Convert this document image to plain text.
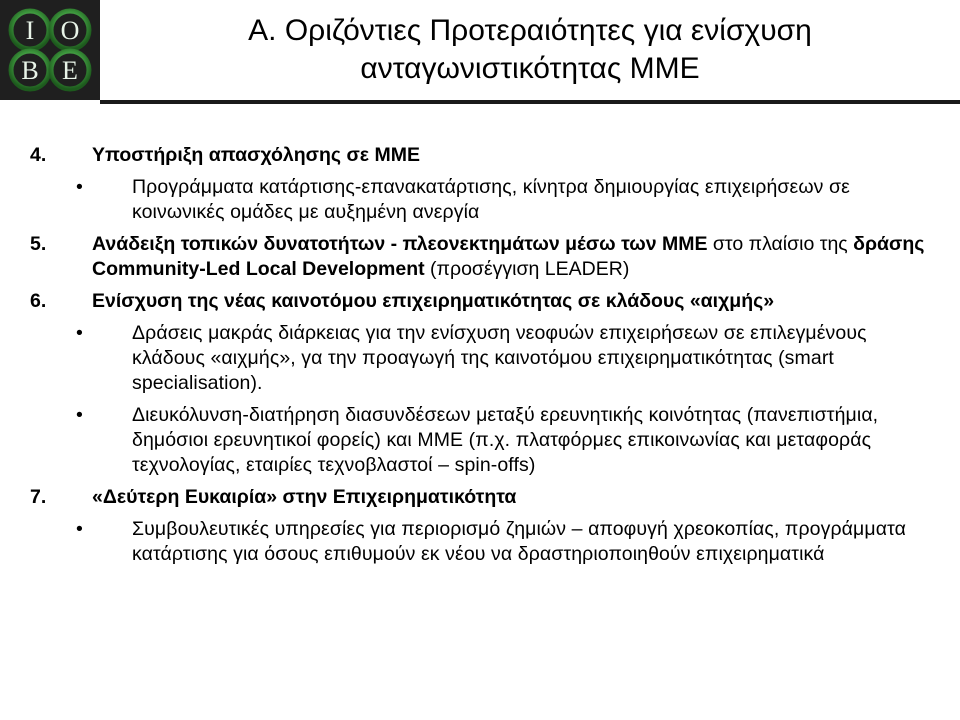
I O
B E
Α. Οριζόντιες Προτεραιότητες για ενίσχυση
ανταγωνιστικότητας ΜΜΕ
4. Υποστήριξη απασχόλησης σε ΜΜΕ
•	Προγράμματα κατάρτισης-επανακατάρτισης, κίνητρα δημιουργίας επιχειρήσεων σε κοινωνικές ομάδες με αυξημένη ανεργία
5. Ανάδειξη τοπικών δυνατοτήτων - πλεονεκτημάτων μέσω των ΜΜΕ στο πλαίσιο της δράσης Community-Led Local Development (προσέγγιση LEADER)
6. Ενίσχυση της νέας καινοτόμου επιχειρηματικότητας σε κλάδους «αιχμής»
•	Δράσεις μακράς διάρκειας για την ενίσχυση νεοφυών επιχειρήσεων σε επιλεγμένους κλάδους «αιχμής», γα την προαγωγή της καινοτόμου επιχειρηματικότητας (smart specialisation).
•	Διευκόλυνση-διατήρηση διασυνδέσεων μεταξύ ερευνητικής κοινότητας (πανεπιστήμια, δημόσιοι ερευνητικοί φορείς) και ΜΜΕ (π.χ. πλατφόρμες επικοινωνίας και μεταφοράς τεχνολογίας, εταιρίες τεχνοβλαστοί – spin-offs)
7. «Δεύτερη Ευκαιρία» στην Επιχειρηματικότητα
•	Συμβουλευτικές υπηρεσίες για περιορισμό ζημιών – αποφυγή χρεοκοπίας, προγράμματα κατάρτισης για όσους επιθυμούν εκ νέου να δραστηριοποιηθούν επιχειρηματικά
